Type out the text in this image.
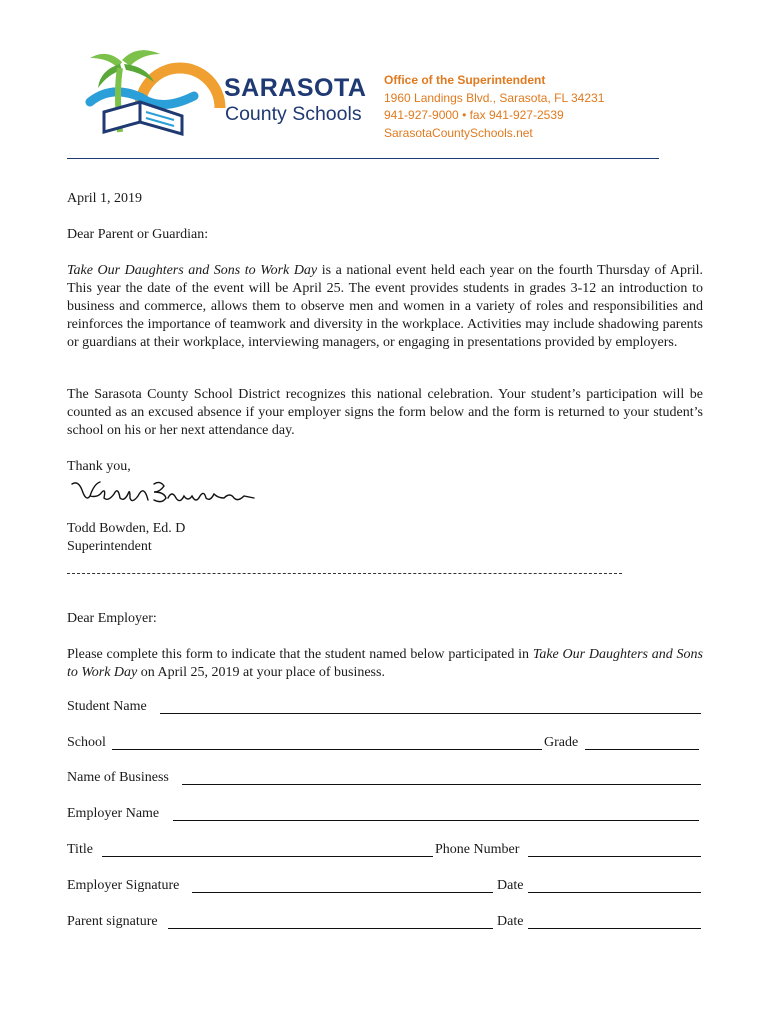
SARASOTA
County Schools
Office of the Superintendent
1960 Landings Blvd., Sarasota, FL 34231
941-927-9000 • fax 941-927-2539
SarasotaCountySchools.net
April 1, 2019
Dear Parent or Guardian:
Take Our Daughters and Sons to Work Day is a national event held each year on the fourth Thursday of April. This year the date of the event will be April 25. The event provides students in grades 3-12 an introduction to business and commerce, allows them to observe men and women in a variety of roles and responsibilities and reinforces the importance of teamwork and diversity in the workplace. Activities may include shadowing parents or guardians at their workplace, interviewing managers, or engaging in presentations provided by employers.
The Sarasota County School District recognizes this national celebration. Your student’s participation will be counted as an excused absence if your employer signs the form below and the form is returned to your student’s school on his or her next attendance day.
Thank you,
Todd Bowden, Ed. D
Superintendent
Dear Employer:
Please complete this form to indicate that the student named below participated in Take Our Daughters and Sons to Work Day on April 25, 2019 at your place of business.
Student Name
School	Grade
Name of Business
Employer Name
Title	Phone Number
Employer Signature	Date
Parent signature	Date
